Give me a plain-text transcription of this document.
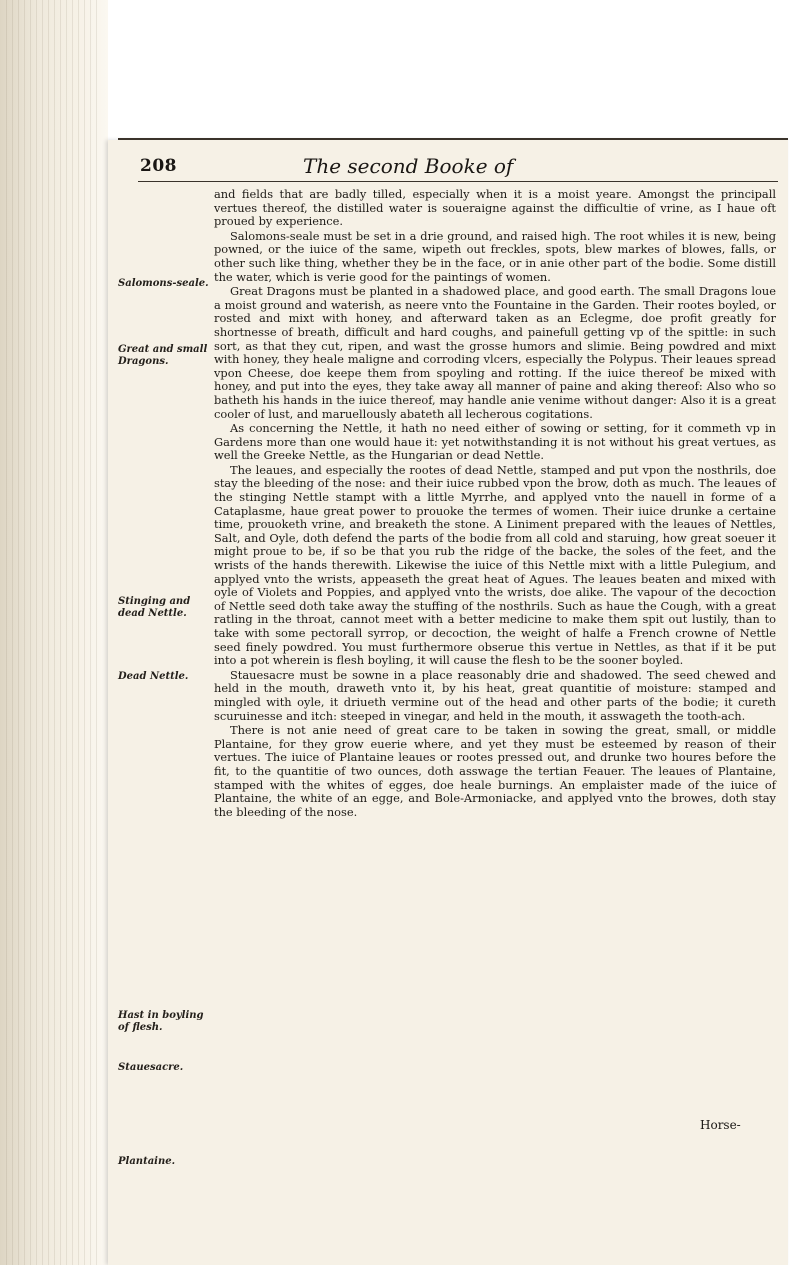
208	The second Booke of
Salomons-seale.
Great and small Dragons.
Stinging and dead Nettle.
Dead Nettle.
Hast in boyling of flesh.
Stauesacre.
Plantaine.

and fields that are badly tilled, especially when it is a moist yeare. Amongst the principall vertues thereof, the distilled water is soueraigne against the difficultie of vrine, as I haue oft proued by experience.

Salomons-seale must be set in a drie ground, and raised high. The root whiles it is new, being powned, or the iuice of the same, wipeth out freckles, spots, blew markes of blowes, falls, or other such like thing, whether they be in the face, or in anie other part of the bodie. Some distill the water, which is verie good for the paintings of women.

Great Dragons must be planted in a shadowed place, and good earth. The small Dragons loue a moist ground and waterish, as neere vnto the Fountaine in the Garden. Their rootes boyled, or rosted and mixt with honey, and afterward taken as an Eclegme, doe profit greatly for shortnesse of breath, difficult and hard coughs, and painefull getting vp of the spittle: in such sort, as that they cut, ripen, and wast the grosse humors and slimie. Being powdred and mixt with honey, they heale maligne and corroding vlcers, especially the Polypus. Their leaues spread vpon Cheese, doe keepe them from spoyling and rotting. If the iuice thereof be mixed with honey, and put into the eyes, they take away all manner of paine and aking thereof: Also who so batheth his hands in the iuice thereof, may handle anie venime without danger: Also it is a great cooler of lust, and maruellously abateth all lecherous cogitations.

As concerning the Nettle, it hath no need either of sowing or setting, for it commeth vp in Gardens more than one would haue it: yet notwithstanding it is not without his great vertues, as well the Greeke Nettle, as the Hungarian or dead Nettle.

The leaues, and especially the rootes of dead Nettle, stamped and put vpon the nosthrils, doe stay the bleeding of the nose: and their iuice rubbed vpon the brow, doth as much. The leaues of the stinging Nettle stampt with a little Myrrhe, and applyed vnto the nauell in forme of a Cataplasme, haue great power to prouoke the termes of women. Their iuice drunke a certaine time, prouoketh vrine, and breaketh the stone. A Liniment prepared with the leaues of Nettles, Salt, and Oyle, doth defend the parts of the bodie from all cold and staruing, how great soeuer it might proue to be, if so be that you rub the ridge of the backe, the soles of the feet, and the wrists of the hands therewith. Likewise the iuice of this Nettle mixt with a little Pulegium, and applyed vnto the wrists, appeaseth the great heat of Agues. The leaues beaten and mixed with oyle of Violets and Poppies, and applyed vnto the wrists, doe alike. The vapour of the decoction of Nettle seed doth take away the stuffing of the nosthrils. Such as haue the Cough, with a great ratling in the throat, cannot meet with a better medicine to make them spit out lustily, than to take with some pectorall syrrop, or decoction, the weight of halfe a French crowne of Nettle seed finely powdred. You must furthermore obserue this vertue in Nettles, as that if it be put into a pot wherein is flesh boyling, it will cause the flesh to be the sooner boyled.

Stauesacre must be sowne in a place reasonably drie and shadowed. The seed chewed and held in the mouth, draweth vnto it, by his heat, great quantitie of moisture: stamped and mingled with oyle, it driueth vermine out of the head and other parts of the bodie; it cureth scuruinesse and itch: steeped in vinegar, and held in the mouth, it asswageth the tooth-ach.

There is not anie need of great care to be taken in sowing the great, small, or middle Plantaine, for they grow euerie where, and yet they must be esteemed by reason of their vertues. The iuice of Plantaine leaues or rootes pressed out, and drunke two houres before the fit, to the quantitie of two ounces, doth asswage the tertian Feauer. The leaues of Plantaine, stamped with the whites of egges, doe heale burnings. An emplaister made of the iuice of Plantaine, the white of an egge, and Bole-Armoniacke, and applyed vnto the browes, doth stay the bleeding of the nose.

Horse-
